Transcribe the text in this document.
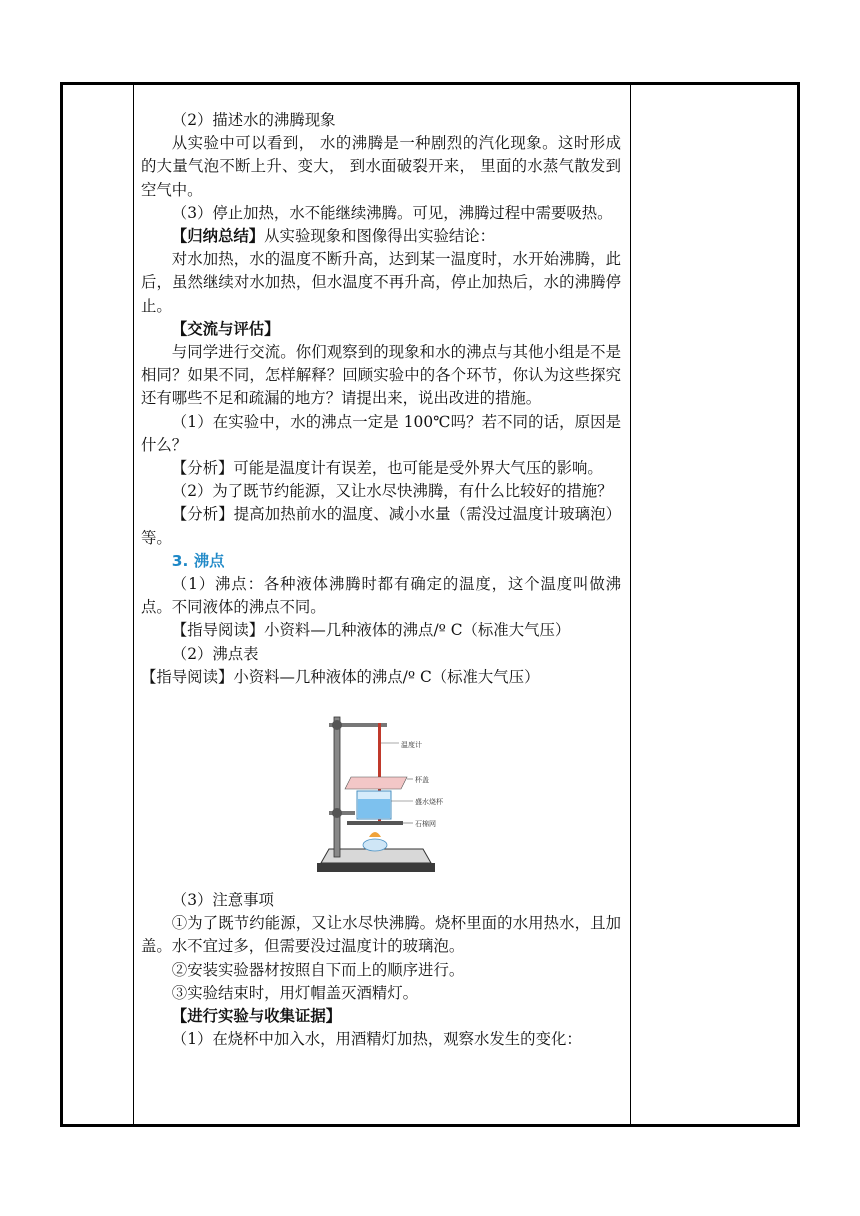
（2）描述水的沸腾现象

从实验中可以看到， 水的沸腾是一种剧烈的汽化现象。这时形成的大量气泡不断上升、变大， 到水面破裂开来， 里面的水蒸气散发到空气中。

（3）停止加热，水不能继续沸腾。可见，沸腾过程中需要吸热。

【归纳总结】从实验现象和图像得出实验结论：

对水加热，水的温度不断升高，达到某一温度时，水开始沸腾，此后，虽然继续对水加热，但水温度不再升高，停止加热后，水的沸腾停止。

【交流与评估】

与同学进行交流。你们观察到的现象和水的沸点与其他小组是不是相同？如果不同，怎样解释？回顾实验中的各个环节，你认为这些探究还有哪些不足和疏漏的地方？请提出来，说出改进的措施。

（1）在实验中，水的沸点一定是 100℃吗？若不同的话，原因是什么？

【分析】可能是温度计有误差，也可能是受外界大气压的影响。

（2）为了既节约能源，又让水尽快沸腾，有什么比较好的措施？

【分析】提高加热前水的温度、减小水量（需没过温度计玻璃泡）等。

3. 沸点

（1）沸点：各种液体沸腾时都有确定的温度，这个温度叫做沸点。不同液体的沸点不同。

【指导阅读】小资料—几种液体的沸点/º C（标准大气压）

（2）沸点表

【指导阅读】小资料—几种液体的沸点/º C（标准大气压）

温度计
杯盖
盛水烧杯
石棉网

（3）注意事项

①为了既节约能源，又让水尽快沸腾。烧杯里面的水用热水，且加盖。水不宜过多，但需要没过温度计的玻璃泡。

②安装实验器材按照自下而上的顺序进行。

③实验结束时，用灯帽盖灭酒精灯。

【进行实验与收集证据】

（1）在烧杯中加入水，用酒精灯加热，观察水发生的变化：
